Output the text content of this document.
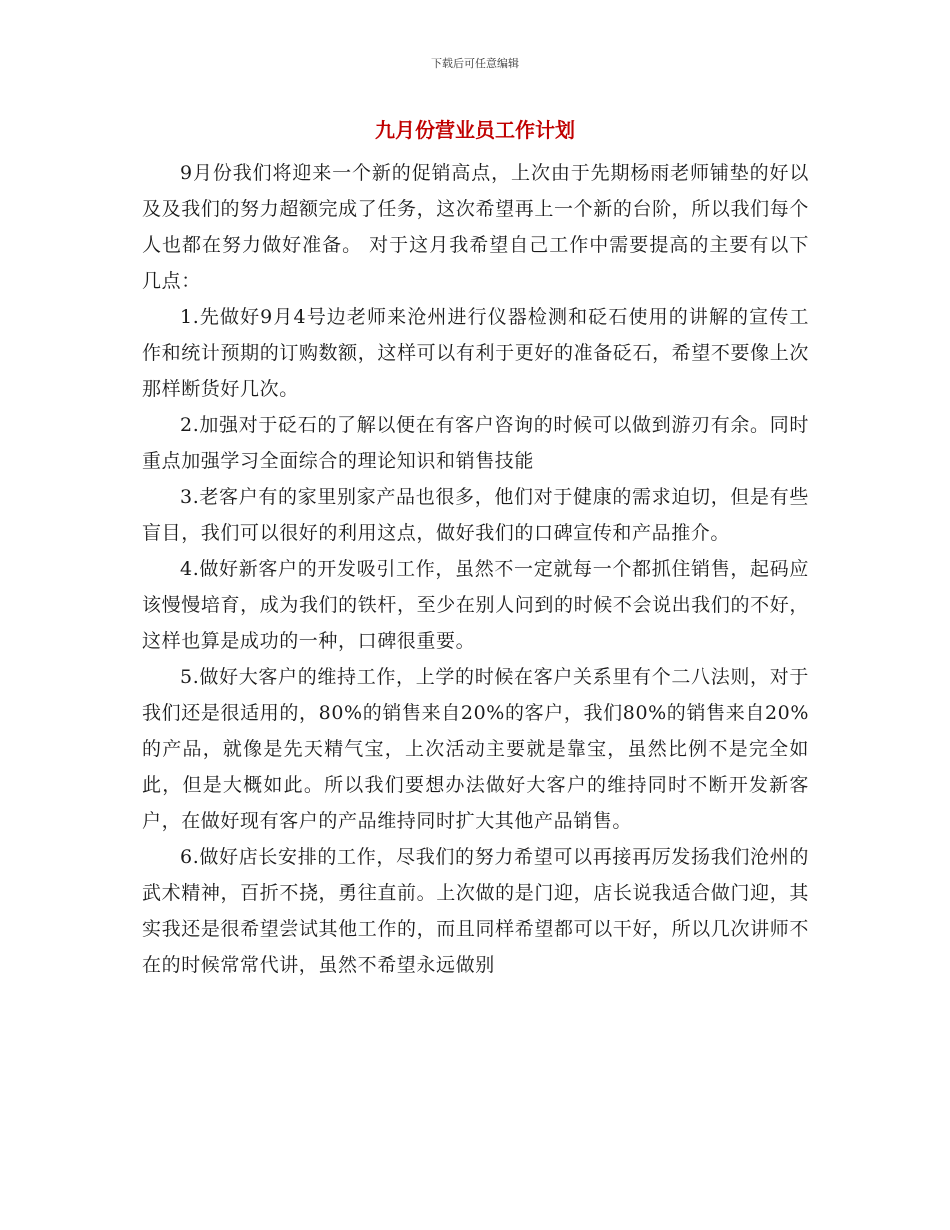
下载后可任意编辑
九月份营业员工作计划

9月份我们将迎来一个新的促销高点，上次由于先期杨雨老师铺垫的好以及及我们的努力超额完成了任务，这次希望再上一个新的台阶，所以我们每个人也都在努力做好准备。 对于这月我希望自己工作中需要提高的主要有以下几点：

1.先做好9月4号边老师来沧州进行仪器检测和砭石使用的讲解的宣传工作和统计预期的订购数额，这样可以有利于更好的准备砭石，希望不要像上次那样断货好几次。

2.加强对于砭石的了解以便在有客户咨询的时候可以做到游刃有余。同时重点加强学习全面综合的理论知识和销售技能

3.老客户有的家里别家产品也很多，他们对于健康的需求迫切，但是有些盲目，我们可以很好的利用这点，做好我们的口碑宣传和产品推介。

4.做好新客户的开发吸引工作，虽然不一定就每一个都抓住销售，起码应该慢慢培育，成为我们的铁杆，至少在别人问到的时候不会说出我们的不好，这样也算是成功的一种，口碑很重要。

5.做好大客户的维持工作，上学的时候在客户关系里有个二八法则，对于我们还是很适用的，80%的销售来自20%的客户，我们80%的销售来自20%的产品，就像是先天精气宝，上次活动主要就是靠宝，虽然比例不是完全如此，但是大概如此。所以我们要想办法做好大客户的维持同时不断开发新客户，在做好现有客户的产品维持同时扩大其他产品销售。

6.做好店长安排的工作，尽我们的努力希望可以再接再厉发扬我们沧州的武术精神，百折不挠，勇往直前。上次做的是门迎，店长说我适合做门迎，其实我还是很希望尝试其他工作的，而且同样希望都可以干好，所以几次讲师不在的时候常常代讲，虽然不希望永远做别
